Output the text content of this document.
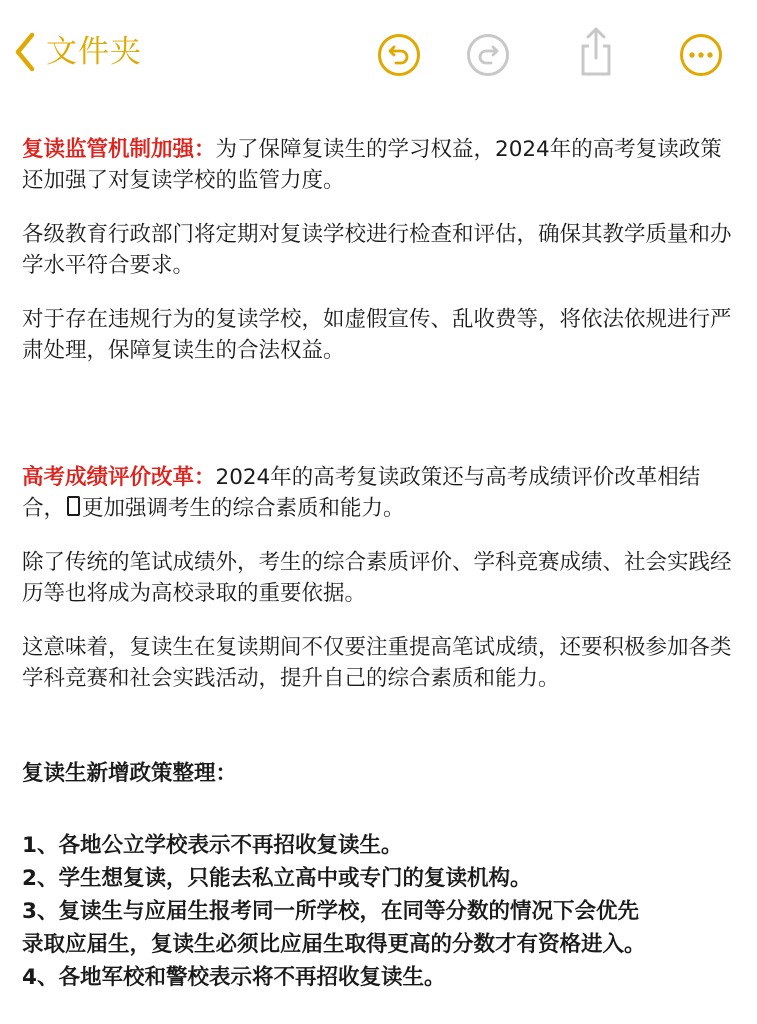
文件夹

复读监管机制加强：为了保障复读生的学习权益，2024年的高考复读政策还加强了对复读学校的监管力度。

各级教育行政部门将定期对复读学校进行检查和评估，确保其教学质量和办学水平符合要求。

对于存在违规行为的复读学校，如虚假宣传、乱收费等，将依法依规进行严肃处理，保障复读生的合法权益。

高考成绩评价改革：2024年的高考复读政策还与高考成绩评价改革相结合， 更加强调考生的综合素质和能力。

除了传统的笔试成绩外，考生的综合素质评价、学科竞赛成绩、社会实践经历等也将成为高校录取的重要依据。

这意味着，复读生在复读期间不仅要注重提高笔试成绩，还要积极参加各类学科竞赛和社会实践活动，提升自己的综合素质和能力。

复读生新增政策整理：

1、各地公立学校表示不再招收复读生。
2、学生想复读，只能去私立高中或专门的复读机构。
3、复读生与应届生报考同一所学校，在同等分数的情况下会优先
录取应届生，复读生必须比应届生取得更高的分数才有资格进入。
4、各地军校和警校表示将不再招收复读生。
